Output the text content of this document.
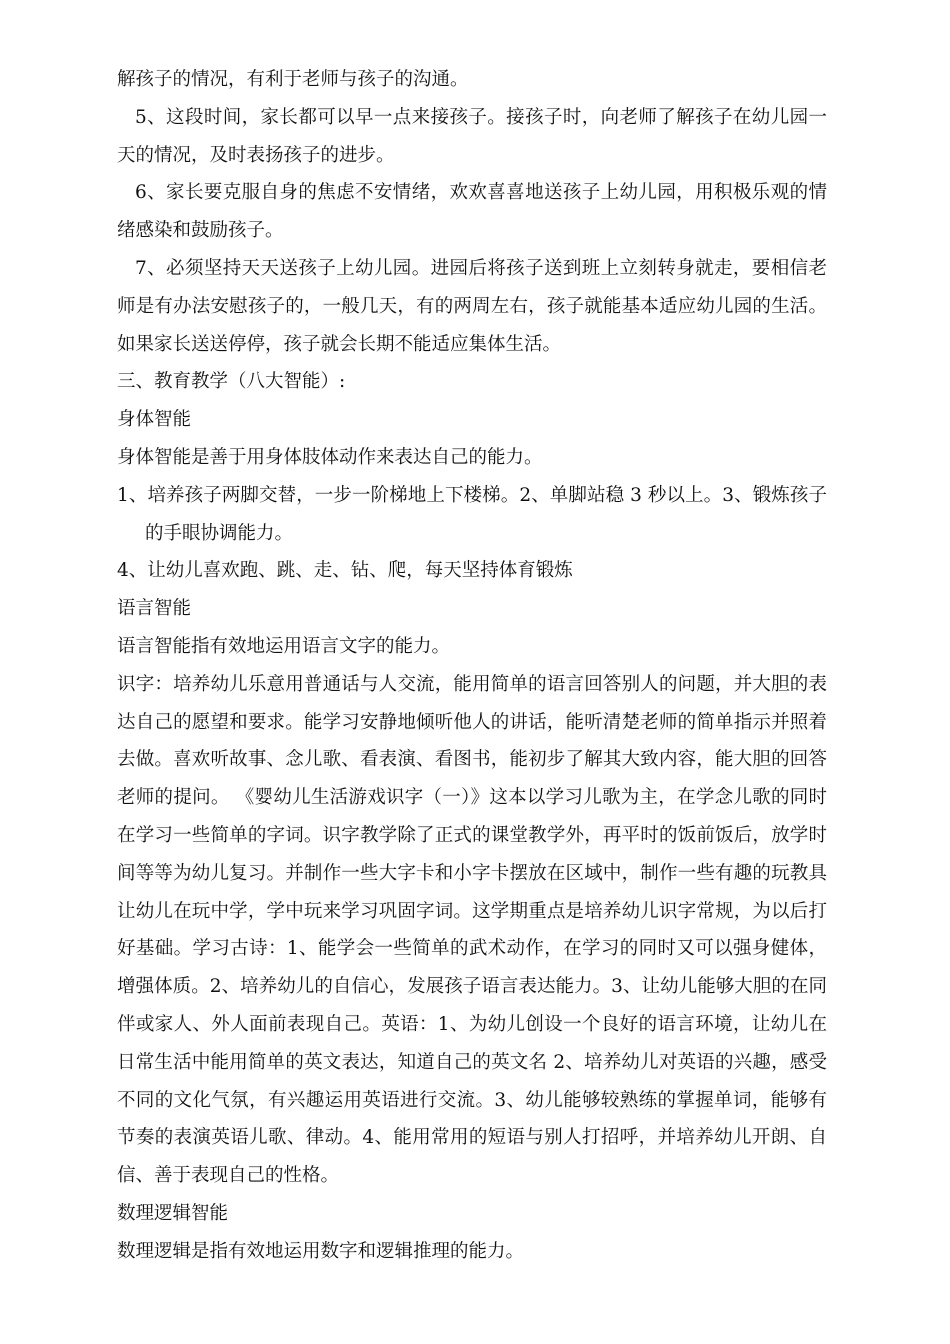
解孩子的情况，有利于老师与孩子的沟通。

5、这段时间，家长都可以早一点来接孩子。接孩子时，向老师了解孩子在幼儿园一天的情况，及时表扬孩子的进步。

6、家长要克服自身的焦虑不安情绪，欢欢喜喜地送孩子上幼儿园，用积极乐观的情绪感染和鼓励孩子。

7、必须坚持天天送孩子上幼儿园。进园后将孩子送到班上立刻转身就走，要相信老师是有办法安慰孩子的，一般几天，有的两周左右，孩子就能基本适应幼儿园的生活。如果家长送送停停，孩子就会长期不能适应集体生活。

三、教育教学（八大智能）:

身体智能

身体智能是善于用身体肢体动作来表达自己的能力。

1、培养孩子两脚交替，一步一阶梯地上下楼梯。2、单脚站稳 3 秒以上。3、锻炼孩子的手眼协调能力。

4、让幼儿喜欢跑、跳、走、钻、爬，每天坚持体育锻炼

语言智能

语言智能指有效地运用语言文字的能力。

识字：培养幼儿乐意用普通话与人交流，能用简单的语言回答别人的问题，并大胆的表达自己的愿望和要求。能学习安静地倾听他人的讲话，能听清楚老师的简单指示并照着去做。喜欢听故事、念儿歌、看表演、看图书，能初步了解其大致内容，能大胆的回答老师的提问。 《婴幼儿生活游戏识字（一）》这本以学习儿歌为主，在学念儿歌的同时在学习一些简单的字词。识字教学除了正式的课堂教学外，再平时的饭前饭后，放学时间等等为幼儿复习。并制作一些大字卡和小字卡摆放在区域中，制作一些有趣的玩教具让幼儿在玩中学，学中玩来学习巩固字词。这学期重点是培养幼儿识字常规，为以后打好基础。学习古诗：1、能学会一些简单的武术动作，在学习的同时又可以强身健体，增强体质。2、培养幼儿的自信心，发展孩子语言表达能力。3、让幼儿能够大胆的在同伴或家人、外人面前表现自己。英语：1、为幼儿创设一个良好的语言环境，让幼儿在日常生活中能用简单的英文表达，知道自己的英文名 2、培养幼儿对英语的兴趣，感受不同的文化气氛，有兴趣运用英语进行交流。3、幼儿能够较熟练的掌握单词，能够有节奏的表演英语儿歌、律动。4、能用常用的短语与别人打招呼，并培养幼儿开朗、自信、善于表现自己的性格。

数理逻辑智能

数理逻辑是指有效地运用数字和逻辑推理的能力。
